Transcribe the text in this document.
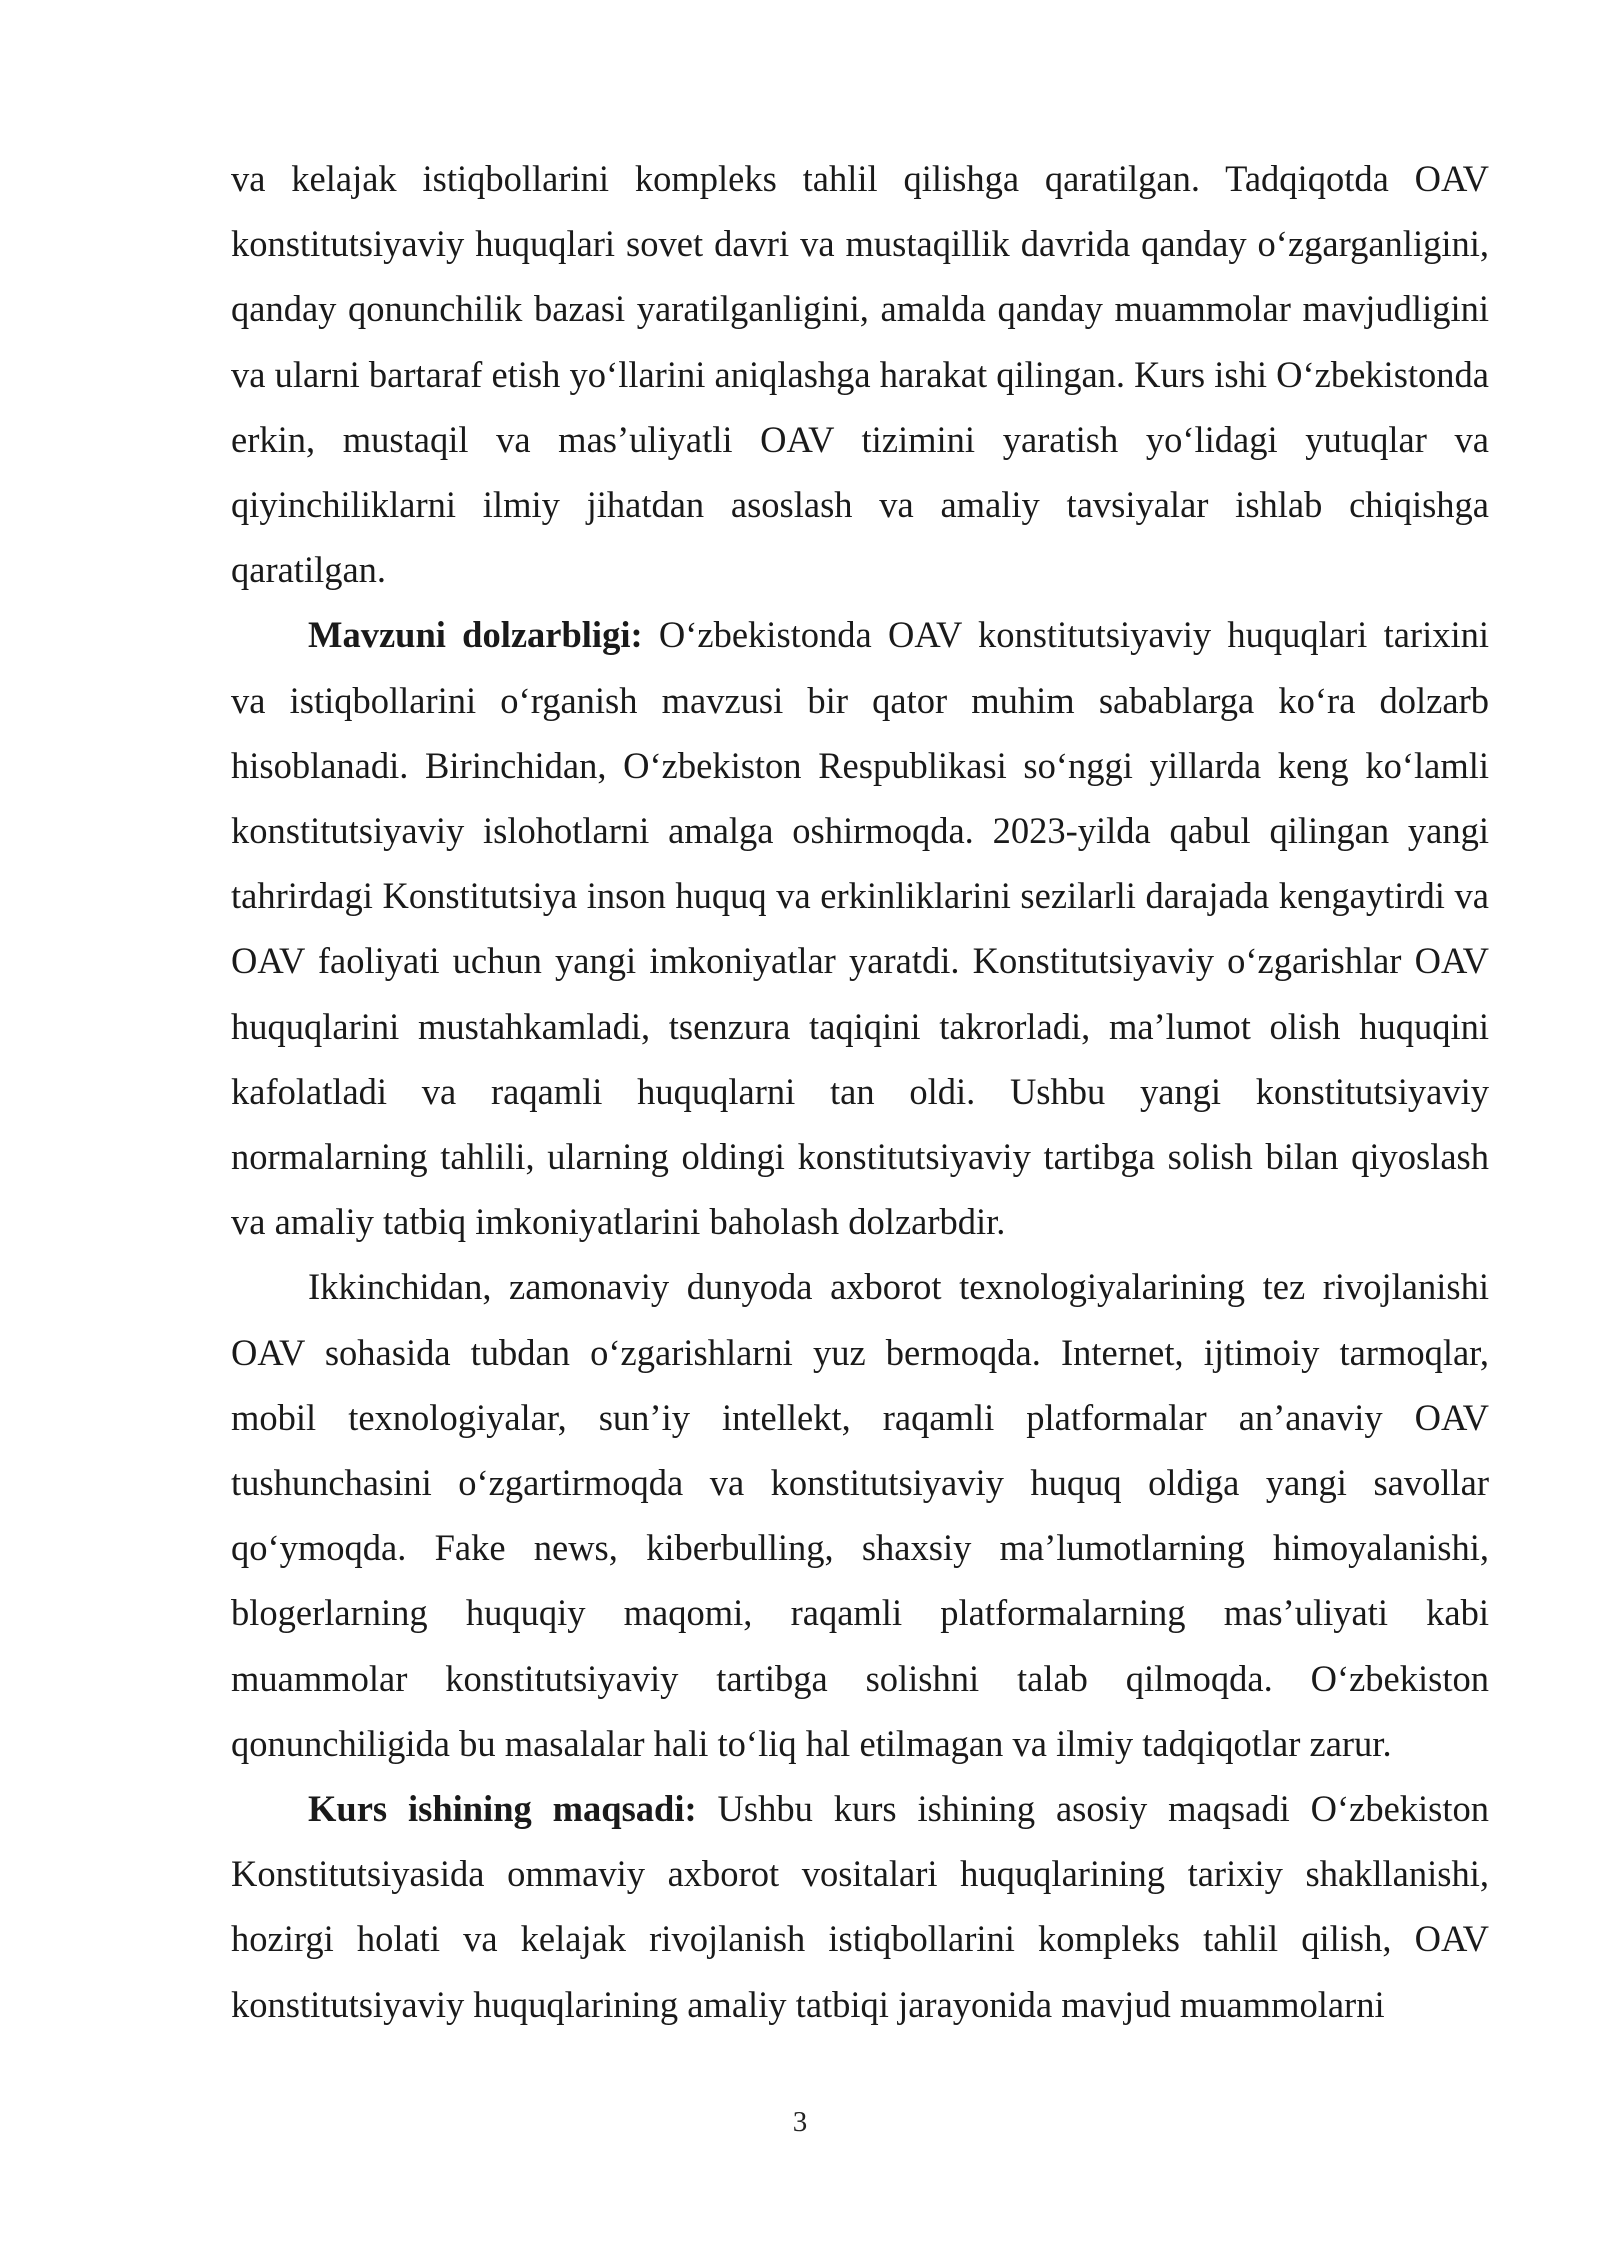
va kelajak istiqbollarini kompleks tahlil qilishga qaratilgan. Tadqiqotda OAV konstitutsiyaviy huquqlari sovet davri va mustaqillik davrida qanday o‘zgarganligini, qanday qonunchilik bazasi yaratilganligini, amalda qanday muammolar mavjudligini va ularni bartaraf etish yo‘llarini aniqlashga harakat qilingan. Kurs ishi O‘zbekistonda erkin, mustaqil va mas’uliyatli OAV tizimini yaratish yo‘lidagi yutuqlar va qiyinchiliklarni ilmiy jihatdan asoslash va amaliy tavsiyalar ishlab chiqishga qaratilgan.

Mavzuni dolzarbligi: O‘zbekistonda OAV konstitutsiyaviy huquqlari tarixini va istiqbollarini o‘rganish mavzusi bir qator muhim sabablarga ko‘ra dolzarb hisoblanadi. Birinchidan, O‘zbekiston Respublikasi so‘nggi yillarda keng ko‘lamli konstitutsiyaviy islohotlarni amalga oshirmoqda. 2023-yilda qabul qilingan yangi tahrirdagi Konstitutsiya inson huquq va erkinliklarini sezilarli darajada kengaytirdi va OAV faoliyati uchun yangi imkoniyatlar yaratdi. Konstitutsiyaviy o‘zgarishlar OAV huquqlarini mustahkamladi, tsenzura taqiqini takrorladi, ma’lumot olish huquqini kafolatladi va raqamli huquqlarni tan oldi. Ushbu yangi konstitutsiyaviy normalarning tahlili, ularning oldingi konstitutsiyaviy tartibga solish bilan qiyoslash va amaliy tatbiq imkoniyatlarini baholash dolzarbdir.

Ikkinchidan, zamonaviy dunyoda axborot texnologiyalarining tez rivojlanishi OAV sohasida tubdan o‘zgarishlarni yuz bermoqda. Internet, ijtimoiy tarmoqlar, mobil texnologiyalar, sun’iy intellekt, raqamli platformalar an’anaviy OAV tushunchasini o‘zgartirmoqda va konstitutsiyaviy huquq oldiga yangi savollar qo‘ymoqda. Fake news, kiberbulling, shaxsiy ma’lumotlarning himoyalanishi, blogerlarning huquqiy maqomi, raqamli platformalarning mas’uliyati kabi muammolar konstitutsiyaviy tartibga solishni talab qilmoqda. O‘zbekiston qonunchiligida bu masalalar hali to‘liq hal etilmagan va ilmiy tadqiqotlar zarur.

Kurs ishining maqsadi: Ushbu kurs ishining asosiy maqsadi O‘zbekiston Konstitutsiyasida ommaviy axborot vositalari huquqlarining tarixiy shakllanishi, hozirgi holati va kelajak rivojlanish istiqbollarini kompleks tahlil qilish, OAV konstitutsiyaviy huquqlarining amaliy tatbiqi jarayonida mavjud muammolarni

3
